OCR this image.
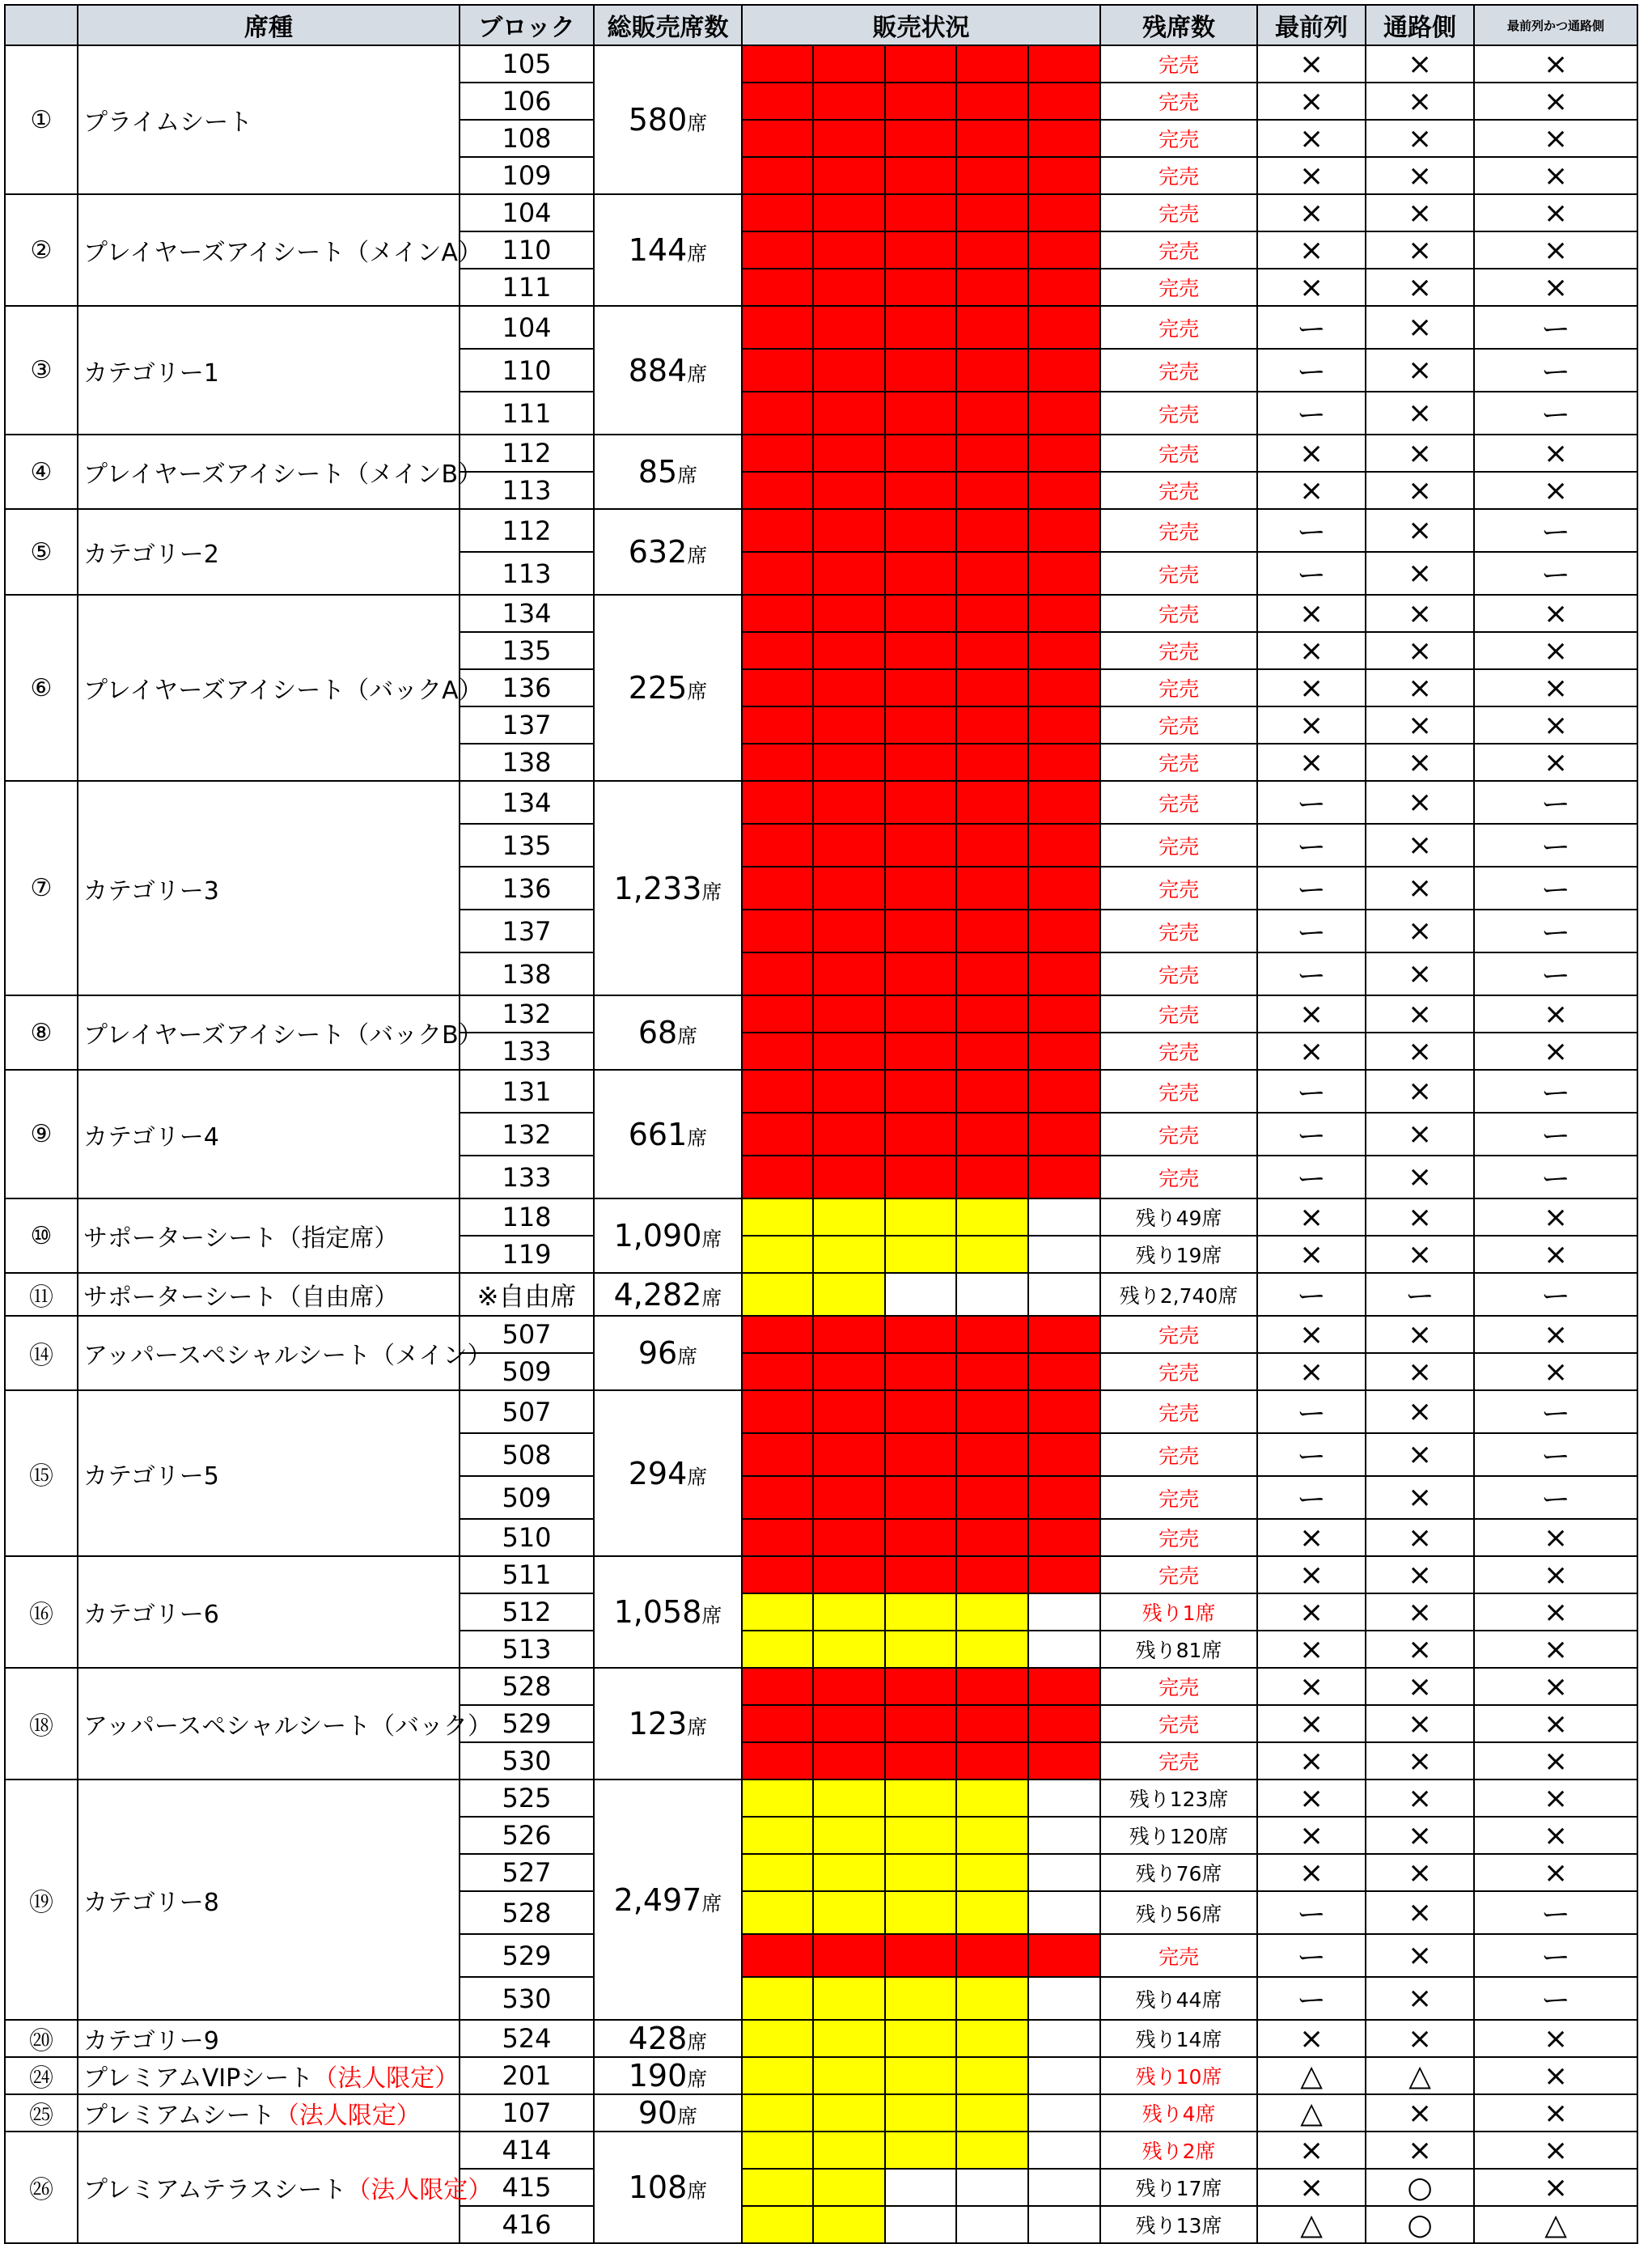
	席種	ブロック	総販売席数	販売状況					残席数	最前列	通路側	最前列かつ通路側
①	プライムシート	105	580席						完売	×	×	×
		106							完売	×	×	×
		108							完売	×	×	×
		109							完売	×	×	×
②	プレイヤーズアイシート（メインA）	104	144席						完売	×	×	×
		110							完売	×	×	×
		111							完売	×	×	×
③	カテゴリー1	104	884席						完売	ー	×	ー
		110							完売	ー	×	ー
		111							完売	ー	×	ー
④	プレイヤーズアイシート（メインB）	112	85席						完売	×	×	×
		113							完売	×	×	×
⑤	カテゴリー2	112	632席						完売	ー	×	ー
		113							完売	ー	×	ー
⑥	プレイヤーズアイシート（バックA）	134	225席						完売	×	×	×
		135							完売	×	×	×
		136							完売	×	×	×
		137							完売	×	×	×
		138							完売	×	×	×
⑦	カテゴリー3	134	1,233席						完売	ー	×	ー
		135							完売	ー	×	ー
		136							完売	ー	×	ー
		137							完売	ー	×	ー
		138							完売	ー	×	ー
⑧	プレイヤーズアイシート（バックB）	132	68席						完売	×	×	×
		133							完売	×	×	×
⑨	カテゴリー4	131	661席						完売	ー	×	ー
		132							完売	ー	×	ー
		133							完売	ー	×	ー
⑩	サポーターシート（指定席）	118	1,090席						残り49席	×	×	×
		119							残り19席	×	×	×
⑪	サポーターシート（自由席）	※自由席	4,282席						残り2,740席	ー	ー	ー
⑭	アッパースペシャルシート（メイン）	507	96席						完売	×	×	×
		509							完売	×	×	×
⑮	カテゴリー5	507	294席						完売	ー	×	ー
		508							完売	ー	×	ー
		509							完売	ー	×	ー
		510							完売	×	×	×
⑯	カテゴリー6	511	1,058席						完売	×	×	×
		512							残り1席	×	×	×
		513							残り81席	×	×	×
⑱	アッパースペシャルシート（バック）	528	123席						完売	×	×	×
		529							完売	×	×	×
		530							完売	×	×	×
⑲	カテゴリー8	525	2,497席						残り123席	×	×	×
		526							残り120席	×	×	×
		527							残り76席	×	×	×
		528							残り56席	ー	×	ー
		529							完売	ー	×	ー
		530							残り44席	ー	×	ー
⑳	カテゴリー9	524	428席						残り14席	×	×	×
㉔	プレミアムVIPシート（法人限定）	201	190席						残り10席	△	△	×
㉕	プレミアムシート（法人限定）	107	90席						残り4席	△	×	×
㉖	プレミアムテラスシート（法人限定）	414	108席						残り2席	×	×	×
		415							残り17席	×	○	×
		416							残り13席	△	○	△
